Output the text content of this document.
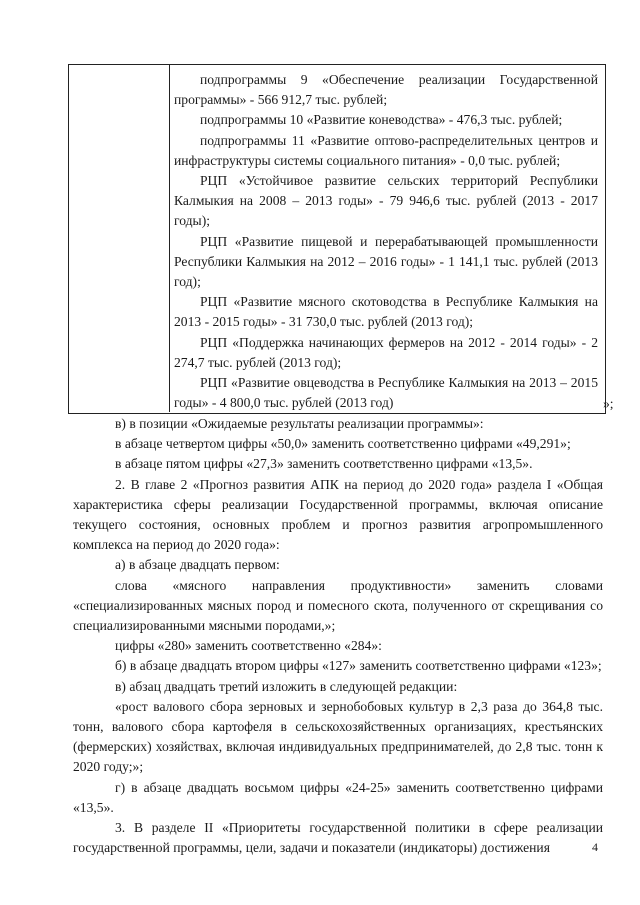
подпрограммы 9 «Обеспечение реализации Государственной программы» - 566 912,7 тыс. рублей;

подпрограммы 10 «Развитие коневодства» - 476,3 тыс. рублей;

подпрограммы 11 «Развитие оптово-распределительных центров и инфраструктуры системы социального питания» - 0,0 тыс. рублей;

РЦП «Устойчивое развитие сельских территорий Республики Калмыкия на 2008 – 2013 годы» - 79 946,6 тыс. рублей (2013 - 2017 годы);

РЦП «Развитие пищевой и перерабатывающей промышленности Республики Калмыкия на 2012 – 2016 годы» - 1 141,1 тыс. рублей (2013 год);

РЦП «Развитие мясного скотоводства в Республике Калмыкия на 2013 - 2015 годы» - 31 730,0 тыс. рублей (2013 год);

РЦП «Поддержка начинающих фермеров на 2012 - 2014 годы» - 2 274,7 тыс. рублей (2013 год);

РЦП «Развитие овцеводства в Республике Калмыкия на 2013 – 2015 годы» - 4 800,0 тыс. рублей (2013 год)	»;

в) в позиции «Ожидаемые результаты реализации программы»:

в абзаце четвертом цифры «50,0» заменить соответственно цифрами «49,291»;

в абзаце пятом цифры «27,3» заменить соответственно цифрами «13,5».

2. В главе 2 «Прогноз развития АПК на период до 2020 года» раздела I «Общая характеристика сферы реализации Государственной программы, включая описание текущего состояния, основных проблем и прогноз развития агропромышленного комплекса на период до 2020 года»:

а) в абзаце двадцать первом:

слова «мясного направления продуктивности» заменить словами «специализированных мясных пород и помесного скота, полученного от скрещивания со специализированными мясными породами,»;

цифры «280» заменить соответственно «284»:

б) в абзаце двадцать втором цифры «127» заменить соответственно цифрами «123»;

в) абзац двадцать третий изложить в следующей редакции:

«рост валового сбора зерновых и зернобобовых культур в 2,3 раза до 364,8 тыс. тонн, валового сбора картофеля в сельскохозяйственных организациях, крестьянских (фермерских) хозяйствах, включая индивидуальных предпринимателей, до 2,8 тыс. тонн к 2020 году;»;

г) в абзаце двадцать восьмом цифры «24-25» заменить соответственно цифрами «13,5».

3. В разделе II «Приоритеты государственной политики в сфере реализации государственной программы, цели, задачи и показатели (индикаторы) достижения	4
